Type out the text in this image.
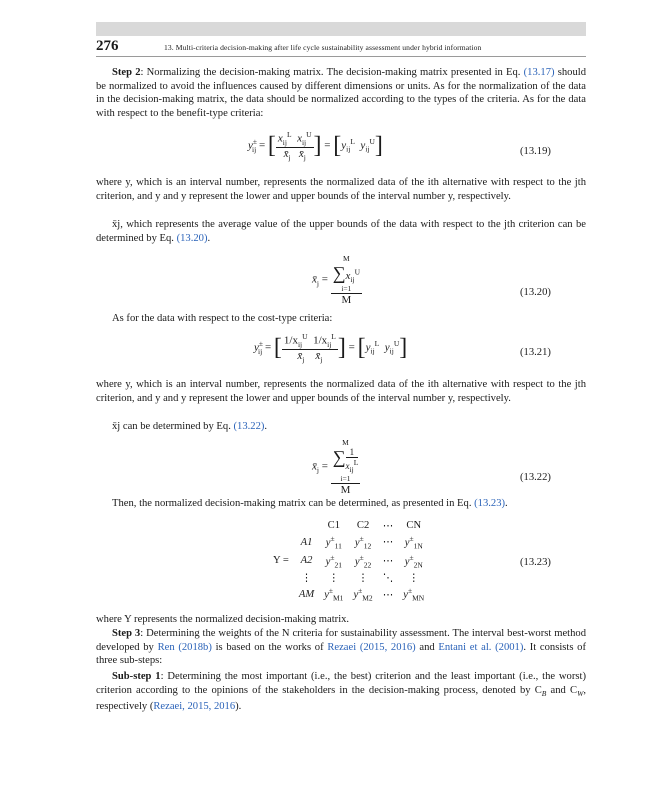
276	13. Multi-criteria decision-making after life cycle sustainability assessment under hybrid information
Step 2: Normalizing the decision-making matrix. The decision-making matrix presented in Eq. (13.17) should be normalized to avoid the influences caused by different dimensions or units. As for the normalization of the data in the decision-making matrix, the data should be normalized according to the types of the criteria. As for the data with respect to the benefit-type criteria:
$y^\pm_{ij}$ = [ $\frac{x_{ij}^L x_{ij}^U}{x̄_j x̄_j}$ ] = [$y_{ij}^L$ $y_{ij}^U$]	(13.19)
where y, which is an interval number, represents the normalized data of the ith alternative with respect to the jth criterion, and y and y represent the lower and upper bounds of the interval number y, respectively.
x̄j, which represents the average value of the upper bounds of the data with respect to the jth criterion can be determined by Eq. (13.20).
$x̄_j = M$
$\sum x_{ij}^U$
i=1
M	(13.20)
As for the data with respect to the cost-type criteria:
$y^\pm_{ij}$ = [ $\frac{1/x_{ij}^U 1/x_{ij}^L}{x̄_j x̄_j}$ ] = [$y_{ij}^L$ $y_{ij}^U$]	(13.21)
where y, which is an interval number, represents the normalized data of the ith alternative with respect to the jth criterion, and y and y represent the lower and upper bounds of the interval number y, respectively.
x̄j can be determined by Eq. (13.22).
$x̄_j = M$
∑ $\frac{1}{x_{ij}^L}$
i=1
M	(13.22)
Then, the normalized decision-making matrix can be determined, as presented in Eq. (13.23).
		C1	C2	⋯	CN
	A1	$y^\pm_{11}$	$y^\pm_{12}$	⋯	$y^\pm_{1N}$
Y =	A2	$y^\pm_{21}$	$y^\pm_{22}$	⋯	$y^\pm_{2N}$
	⋮	⋮	⋮	⋱	⋮
	AM	$y^\pm_{M1}$	$y^\pm_{M2}$	⋯	$y^\pm_{MN}$
(13.23)
where Y represents the normalized decision-making matrix.
Step 3: Determining the weights of the N criteria for sustainability assessment. The interval best-worst method developed by Ren (2018b) is based on the works of Rezaei (2015, 2016) and Entani et al. (2001). It consists of three sub-steps:
Sub-step 1: Determining the most important (i.e., the best) criterion and the least important (i.e., the worst) criterion according to the opinions of the stakeholders in the decision-making process, denoted by $C_B$ and $C_W$, respectively (Rezaei, 2015, 2016).
